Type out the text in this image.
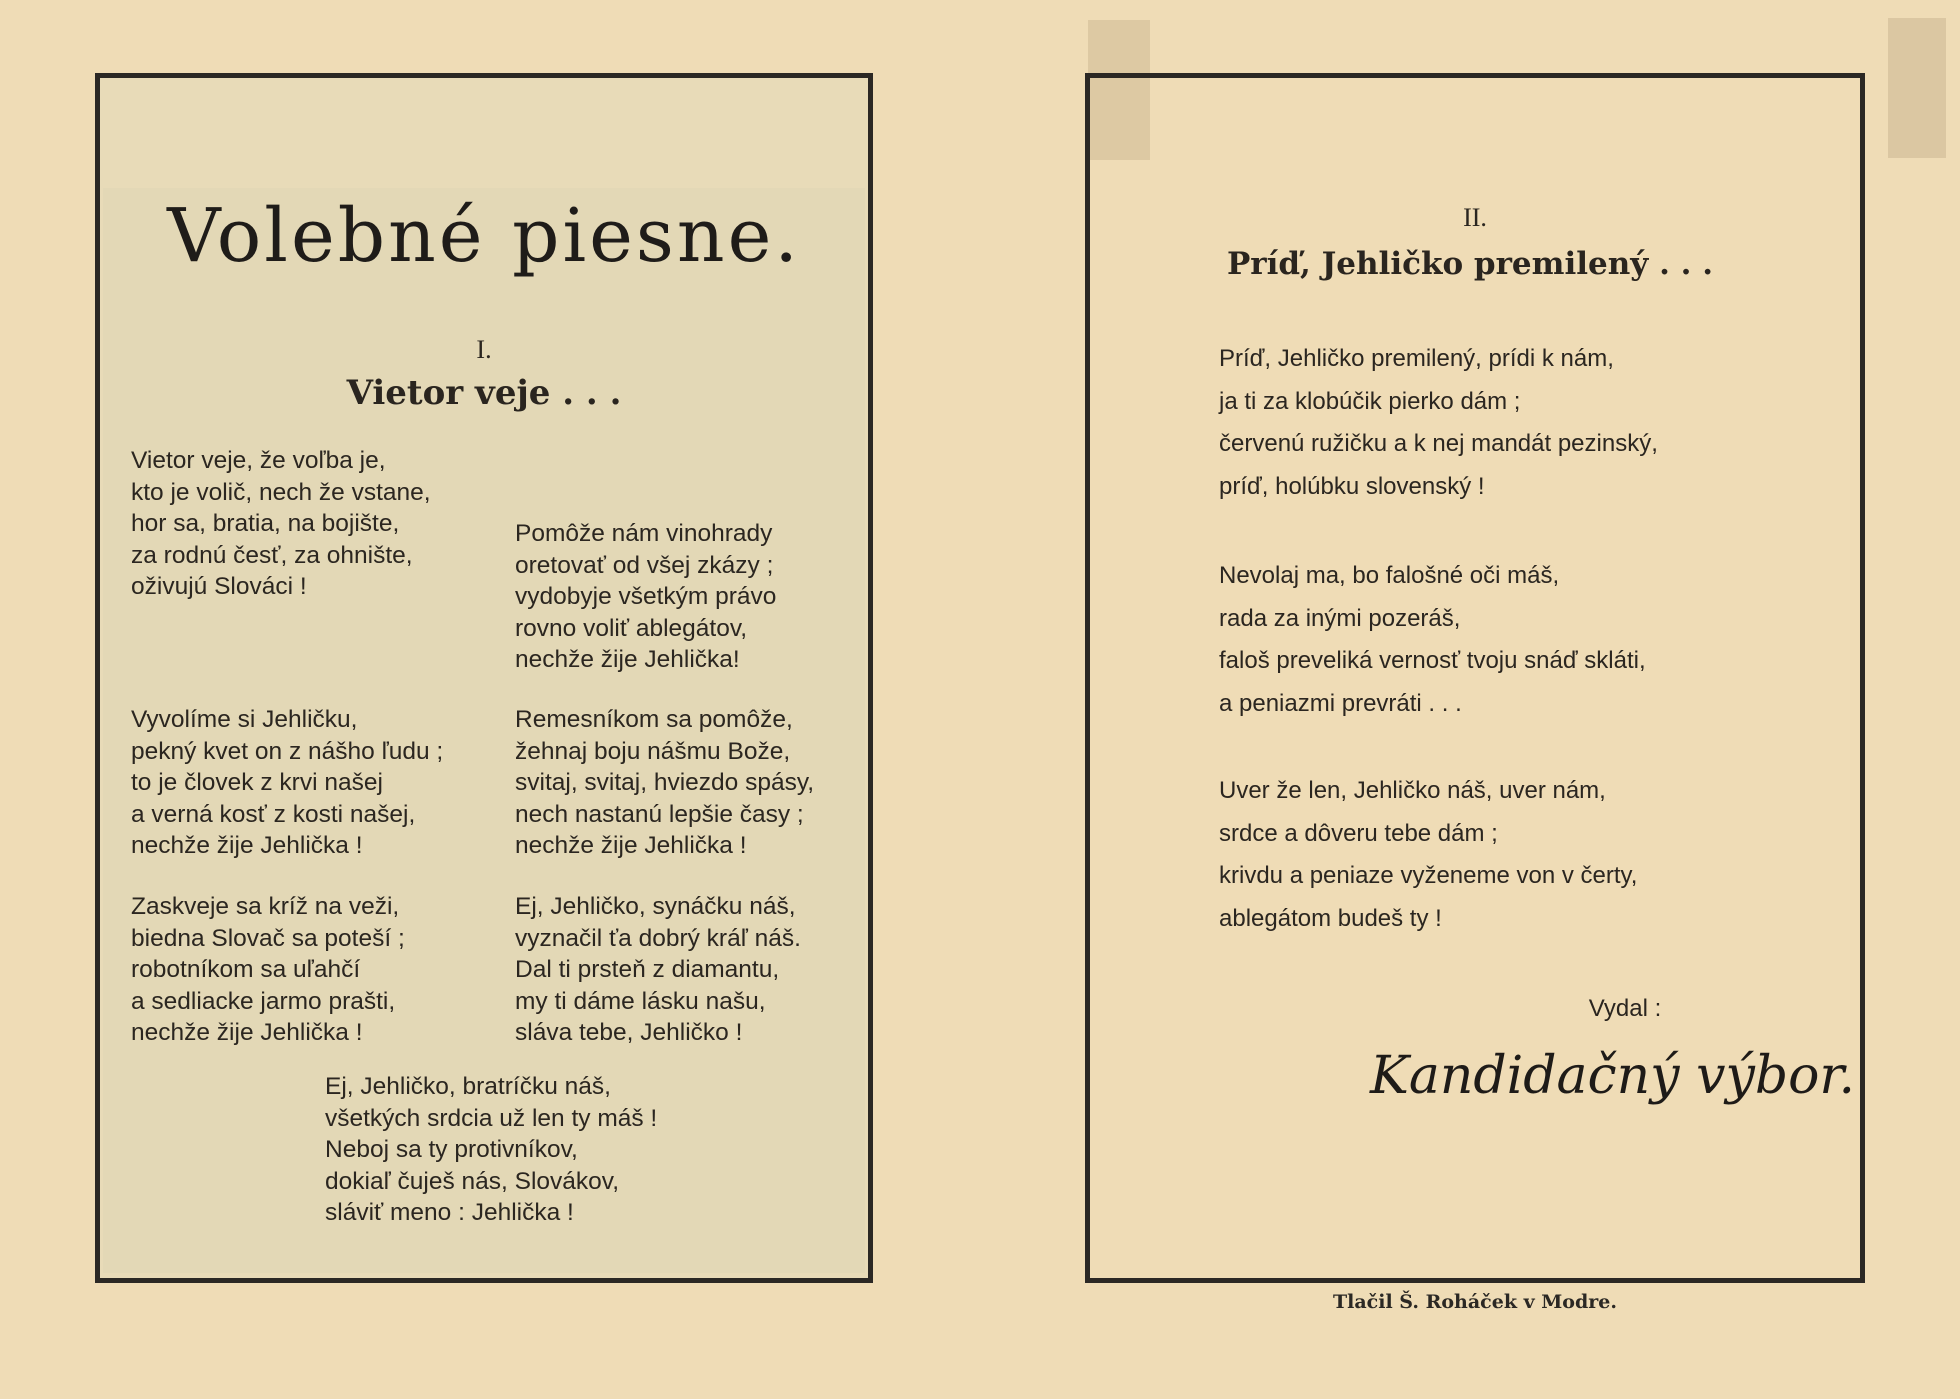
Volebné piesne.
I.
Vietor veje . . .
Vietor veje, že voľba je,
kto je volič, nech že vstane,
hor sa, bratia, na bojište,
za rodnú česť, za ohnište,
oživujú Slováci !
Vyvolíme si Jehličku,
pekný kvet on z nášho ľudu ;
to je človek z krvi našej
a verná kosť z kosti našej,
nechže žije Jehlička !
Zaskveje sa kríž na veži,
biedna Slovač sa poteší ;
robotníkom sa uľahčí
a sedliacke jarmo prašti,
nechže žije Jehlička !
Pomôže nám vinohrady
oretovať od všej zkázy ;
vydobyje všetkým právo
rovno voliť ablegátov,
nechže žije Jehlička!
Remesníkom sa pomôže,
žehnaj boju nášmu Bože,
svitaj, svitaj, hviezdo spásy,
nech nastanú lepšie časy ;
nechže žije Jehlička !
Ej, Jehličko, synáčku náš,
vyznačil ťa dobrý kráľ náš.
Dal ti prsteň z diamantu,
my ti dáme lásku našu,
sláva tebe, Jehličko !
Ej, Jehličko, bratríčku náš,
všetkých srdcia už len ty máš !
Neboj sa ty protivníkov,
dokiaľ čuješ nás, Slovákov,
sláviť meno : Jehlička !
II.
Príď, Jehličko premilený . . .
Príď, Jehličko premilený, prídi k nám,
ja ti za klobúčik pierko dám ;
červenú ružičku a k nej mandát pezinský,
príď, holúbku slovenský !
Nevolaj ma, bo falošné oči máš,
rada za inými pozeráš,
faloš preveliká vernosť tvoju snáď skláti,
a peniazmi prevráti . . .
Uver že len, Jehličko náš, uver nám,
srdce a dôveru tebe dám ;
krivdu a peniaze vyženeme von v čerty,
ablegátom budeš ty !
Vydal :
Kandidačný výbor.
Tlačil Š. Roháček v Modre.
